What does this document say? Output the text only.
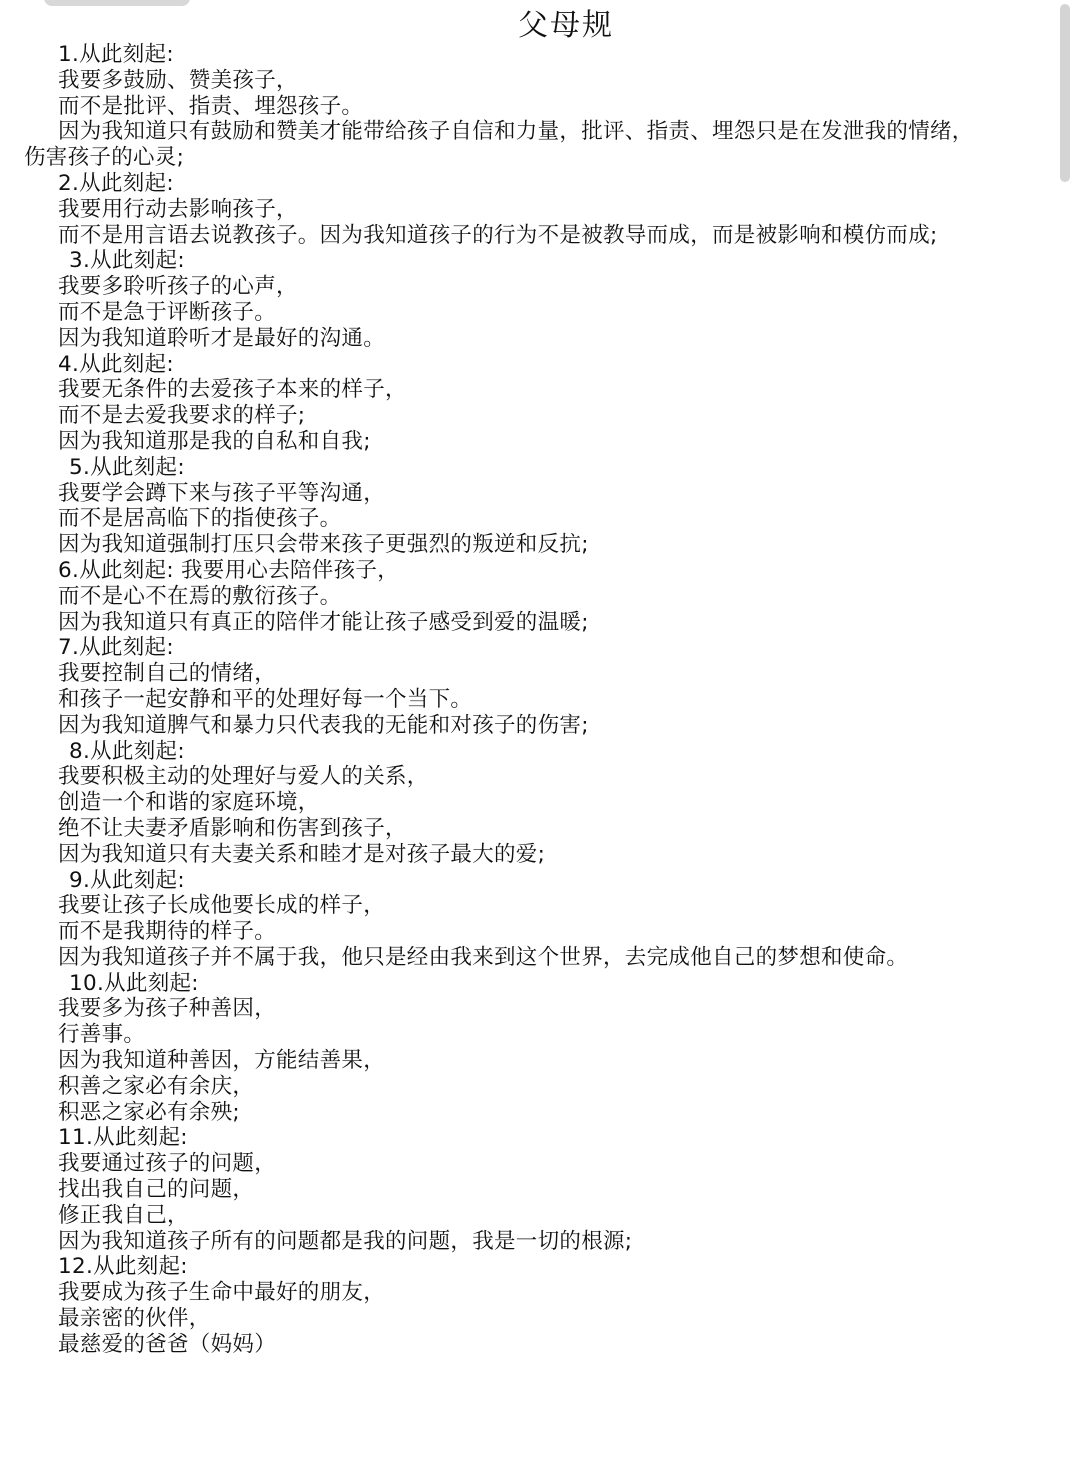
父母规
1.从此刻起:
我要多鼓励、赞美孩子，
而不是批评、指责、埋怨孩子。
因为我知道只有鼓励和赞美才能带给孩子自信和力量，批评、指责、埋怨只是在发泄我的情绪，
伤害孩子的心灵;
2.从此刻起:
我要用行动去影响孩子，
而不是用言语去说教孩子。因为我知道孩子的行为不是被教导而成，而是被影响和模仿而成;
3.从此刻起:
我要多聆听孩子的心声，
而不是急于评断孩子。
因为我知道聆听才是最好的沟通。
4.从此刻起:
我要无条件的去爱孩子本来的样子，
而不是去爱我要求的样子;
因为我知道那是我的自私和自我;
5.从此刻起:
我要学会蹲下来与孩子平等沟通，
而不是居高临下的指使孩子。
因为我知道强制打压只会带来孩子更强烈的叛逆和反抗;
6.从此刻起: 我要用心去陪伴孩子，
而不是心不在焉的敷衍孩子。
因为我知道只有真正的陪伴才能让孩子感受到爱的温暖;
7.从此刻起:
我要控制自己的情绪，
和孩子一起安静和平的处理好每一个当下。
因为我知道脾气和暴力只代表我的无能和对孩子的伤害;
8.从此刻起:
我要积极主动的处理好与爱人的关系，
创造一个和谐的家庭环境，
绝不让夫妻矛盾影响和伤害到孩子，
因为我知道只有夫妻关系和睦才是对孩子最大的爱;
9.从此刻起:
我要让孩子长成他要长成的样子，
而不是我期待的样子。
因为我知道孩子并不属于我，他只是经由我来到这个世界，去完成他自己的梦想和使命。
10.从此刻起:
我要多为孩子种善因，
行善事。
因为我知道种善因，方能结善果，
积善之家必有余庆，
积恶之家必有余殃;
11.从此刻起:
我要通过孩子的问题，
找出我自己的问题，
修正我自己，
因为我知道孩子所有的问题都是我的问题，我是一切的根源;
12.从此刻起:
我要成为孩子生命中最好的朋友，
最亲密的伙伴，
最慈爱的爸爸（妈妈）
